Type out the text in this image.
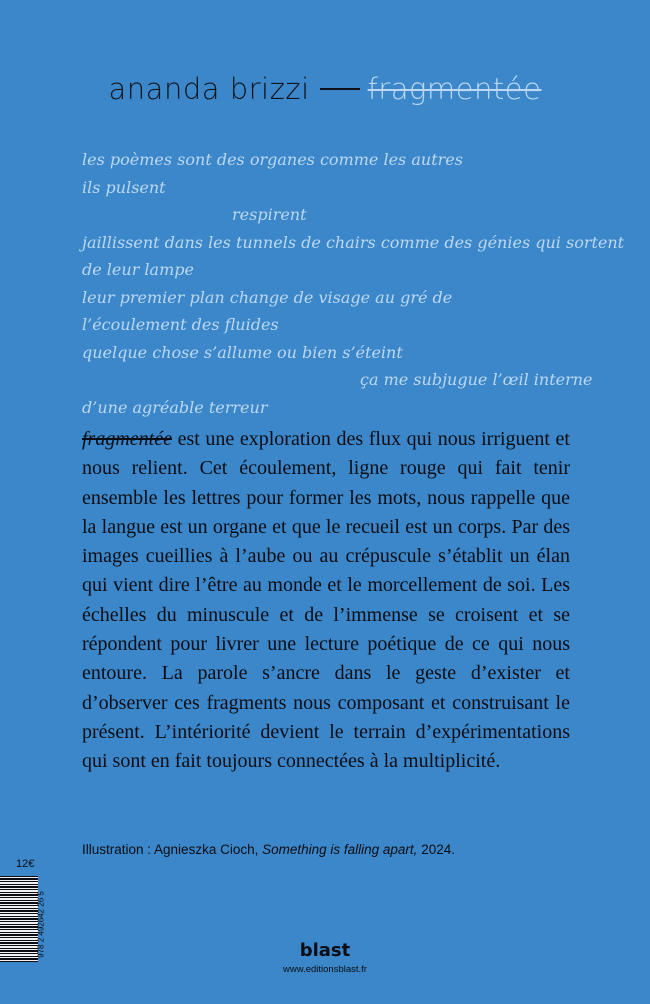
ananda brizzi fragmentée
les poèmes sont des organes comme les autres
ils pulsent
respirent
jaillissent dans les tunnels de chairs comme des génies qui sortent
de leur lampe
leur premier plan change de visage au gré de
l’écoulement des fluides
quelque chose s’allume ou bien s’éteint
ça me subjugue l’œil interne
d’une agréable terreur
fragmentée est une exploration des flux qui nous irriguent et nous relient. Cet écoulement, ligne rouge qui fait tenir ensemble les lettres pour former les mots, nous rappelle que la langue est un organe et que le recueil est un corps. Par des images cueillies à l’aube ou au crépuscule s’établit un élan qui vient dire l’être au monde et le morcellement de soi. Les échelles du minuscule et de l’immense se croisent et se répondent pour livrer une lecture poétique de ce qui nous entoure. La parole s’ancre dans le geste d’exister et d’observer ces fragments nous composant et construisant le présent. L’intériorité devient le terrain d’expérimentations qui sont en fait toujours connectées à la multiplicité.
Illustration : Agnieszka Cioch, Something is falling apart, 2024.
12€
978 2 492642 26 5	blast
www.editionsblast.fr
